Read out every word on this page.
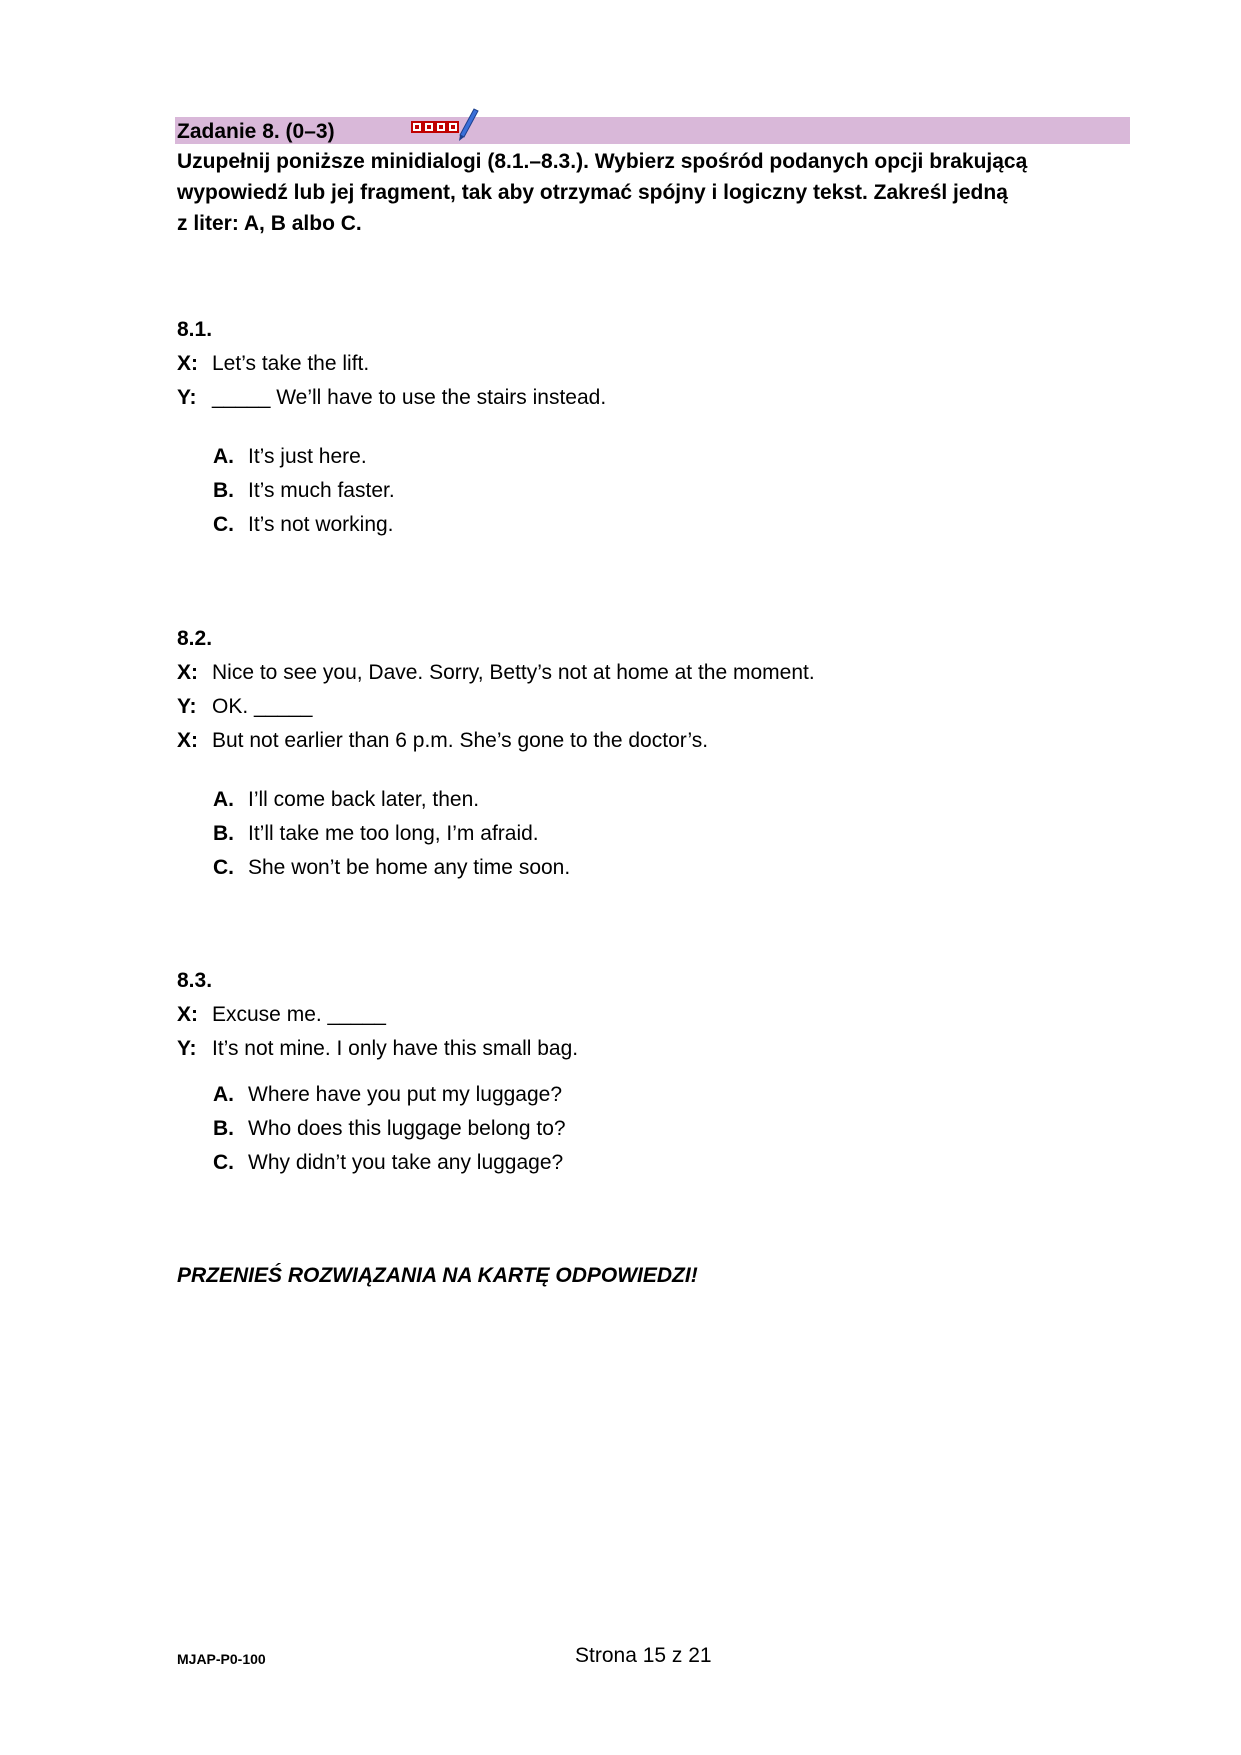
Zadanie 8. (0–3)
Uzupełnij poniższe minidialogi (8.1.–8.3.). Wybierz spośród podanych opcji brakującą
wypowiedź lub jej fragment, tak aby otrzymać spójny i logiczny tekst. Zakreśl jedną
z liter: A, B albo C.
8.1.
X: Let’s take the lift.
Y: _____ We’ll have to use the stairs instead.
A. It’s just here.
B. It’s much faster.
C. It’s not working.
8.2.
X: Nice to see you, Dave. Sorry, Betty’s not at home at the moment.
Y: OK. _____
X: But not earlier than 6 p.m. She’s gone to the doctor’s.
A. I’ll come back later, then.
B. It’ll take me too long, I’m afraid.
C. She won’t be home any time soon.
8.3.
X: Excuse me. _____
Y: It’s not mine. I only have this small bag.
A. Where have you put my luggage?
B. Who does this luggage belong to?
C. Why didn’t you take any luggage?
PRZENIEŚ ROZWIĄZANIA NA KARTĘ ODPOWIEDZI!
MJAP-P0-100	Strona 15 z 21
